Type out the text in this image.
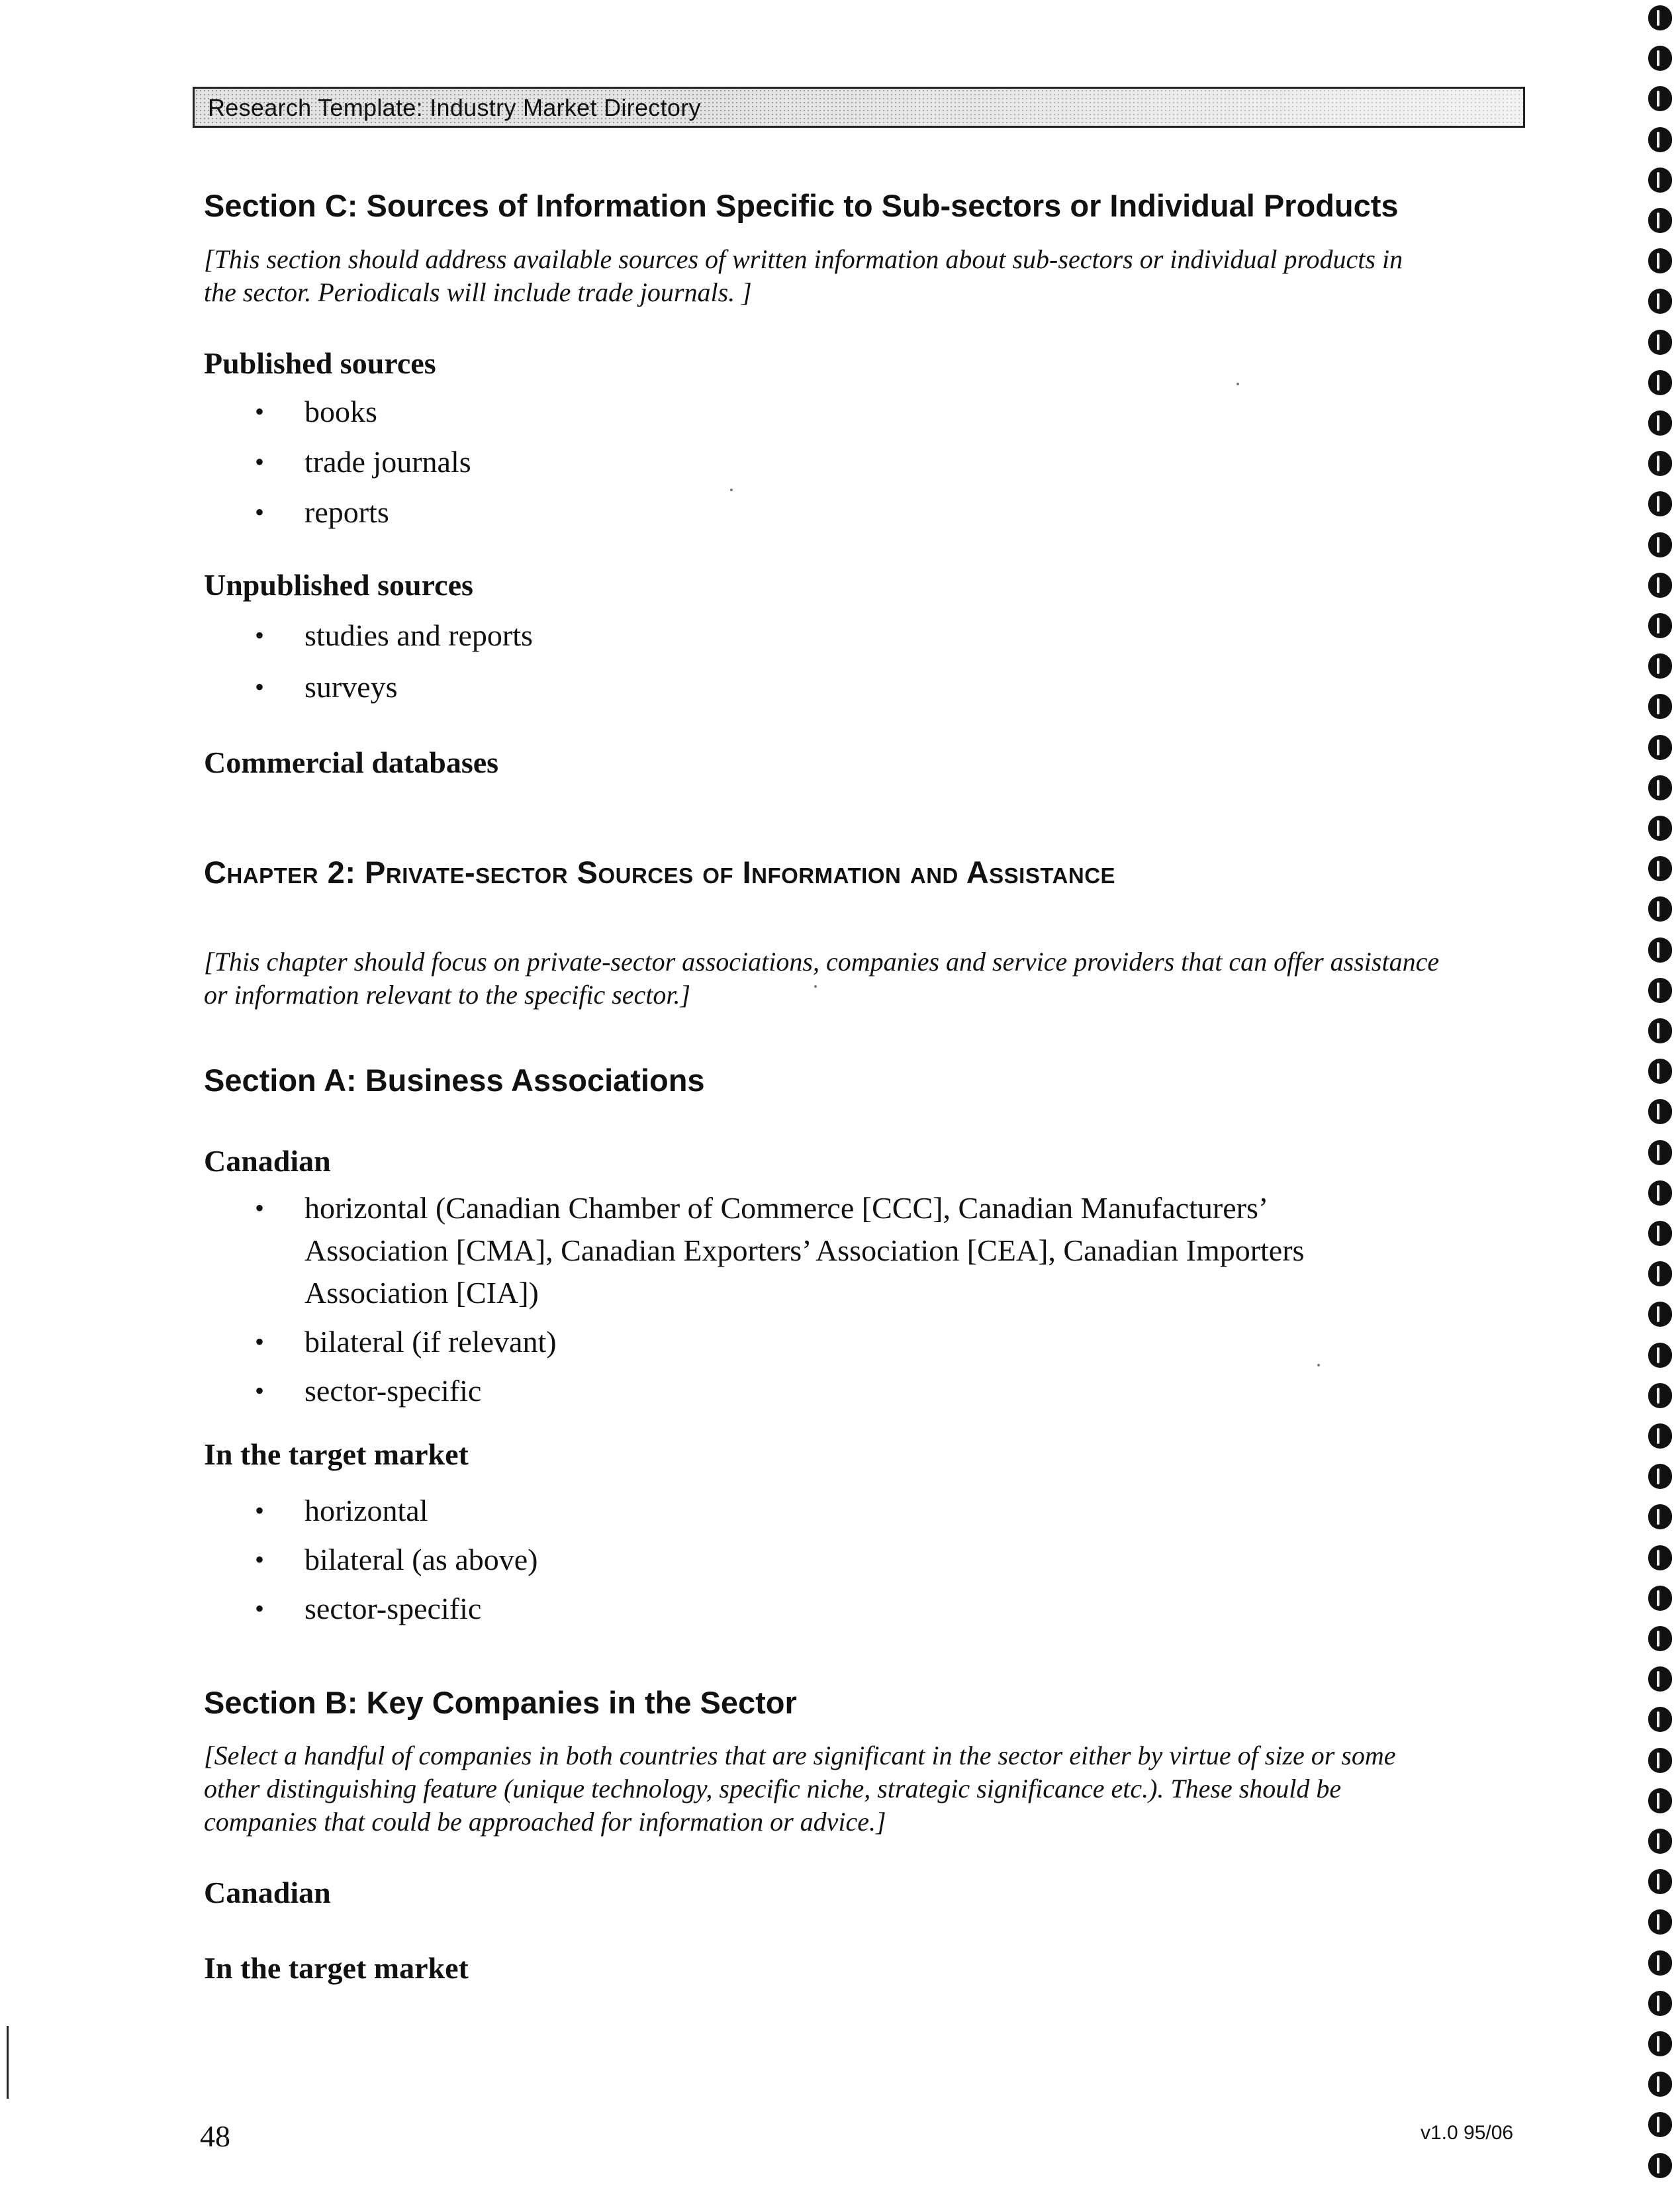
Research Template: Industry Market Directory
Section C: Sources of Information Specific to Sub-sectors or Individual Products
[This section should address available sources of written information about sub-sectors or individual products in
the sector. Periodicals will include trade journals. ]
Published sources
• books
• trade journals
• reports
Unpublished sources
• studies and reports
• surveys
Commercial databases
Chapter 2: Private-sector Sources of Information and Assistance
[This chapter should focus on private-sector associations, companies and service providers that can offer assistance
or information relevant to the specific sector.]
Section A: Business Associations
Canadian
• horizontal (Canadian Chamber of Commerce [CCC], Canadian Manufacturers’
Association [CMA], Canadian Exporters’ Association [CEA], Canadian Importers
Association [CIA])
• bilateral (if relevant)
• sector-specific
In the target market
• horizontal
• bilateral (as above)
• sector-specific
Section B: Key Companies in the Sector
[Select a handful of companies in both countries that are significant in the sector either by virtue of size or some
other distinguishing feature (unique technology, specific niche, strategic significance etc.). These should be
companies that could be approached for information or advice.]
Canadian
In the target market
48	v1.0 95/06
